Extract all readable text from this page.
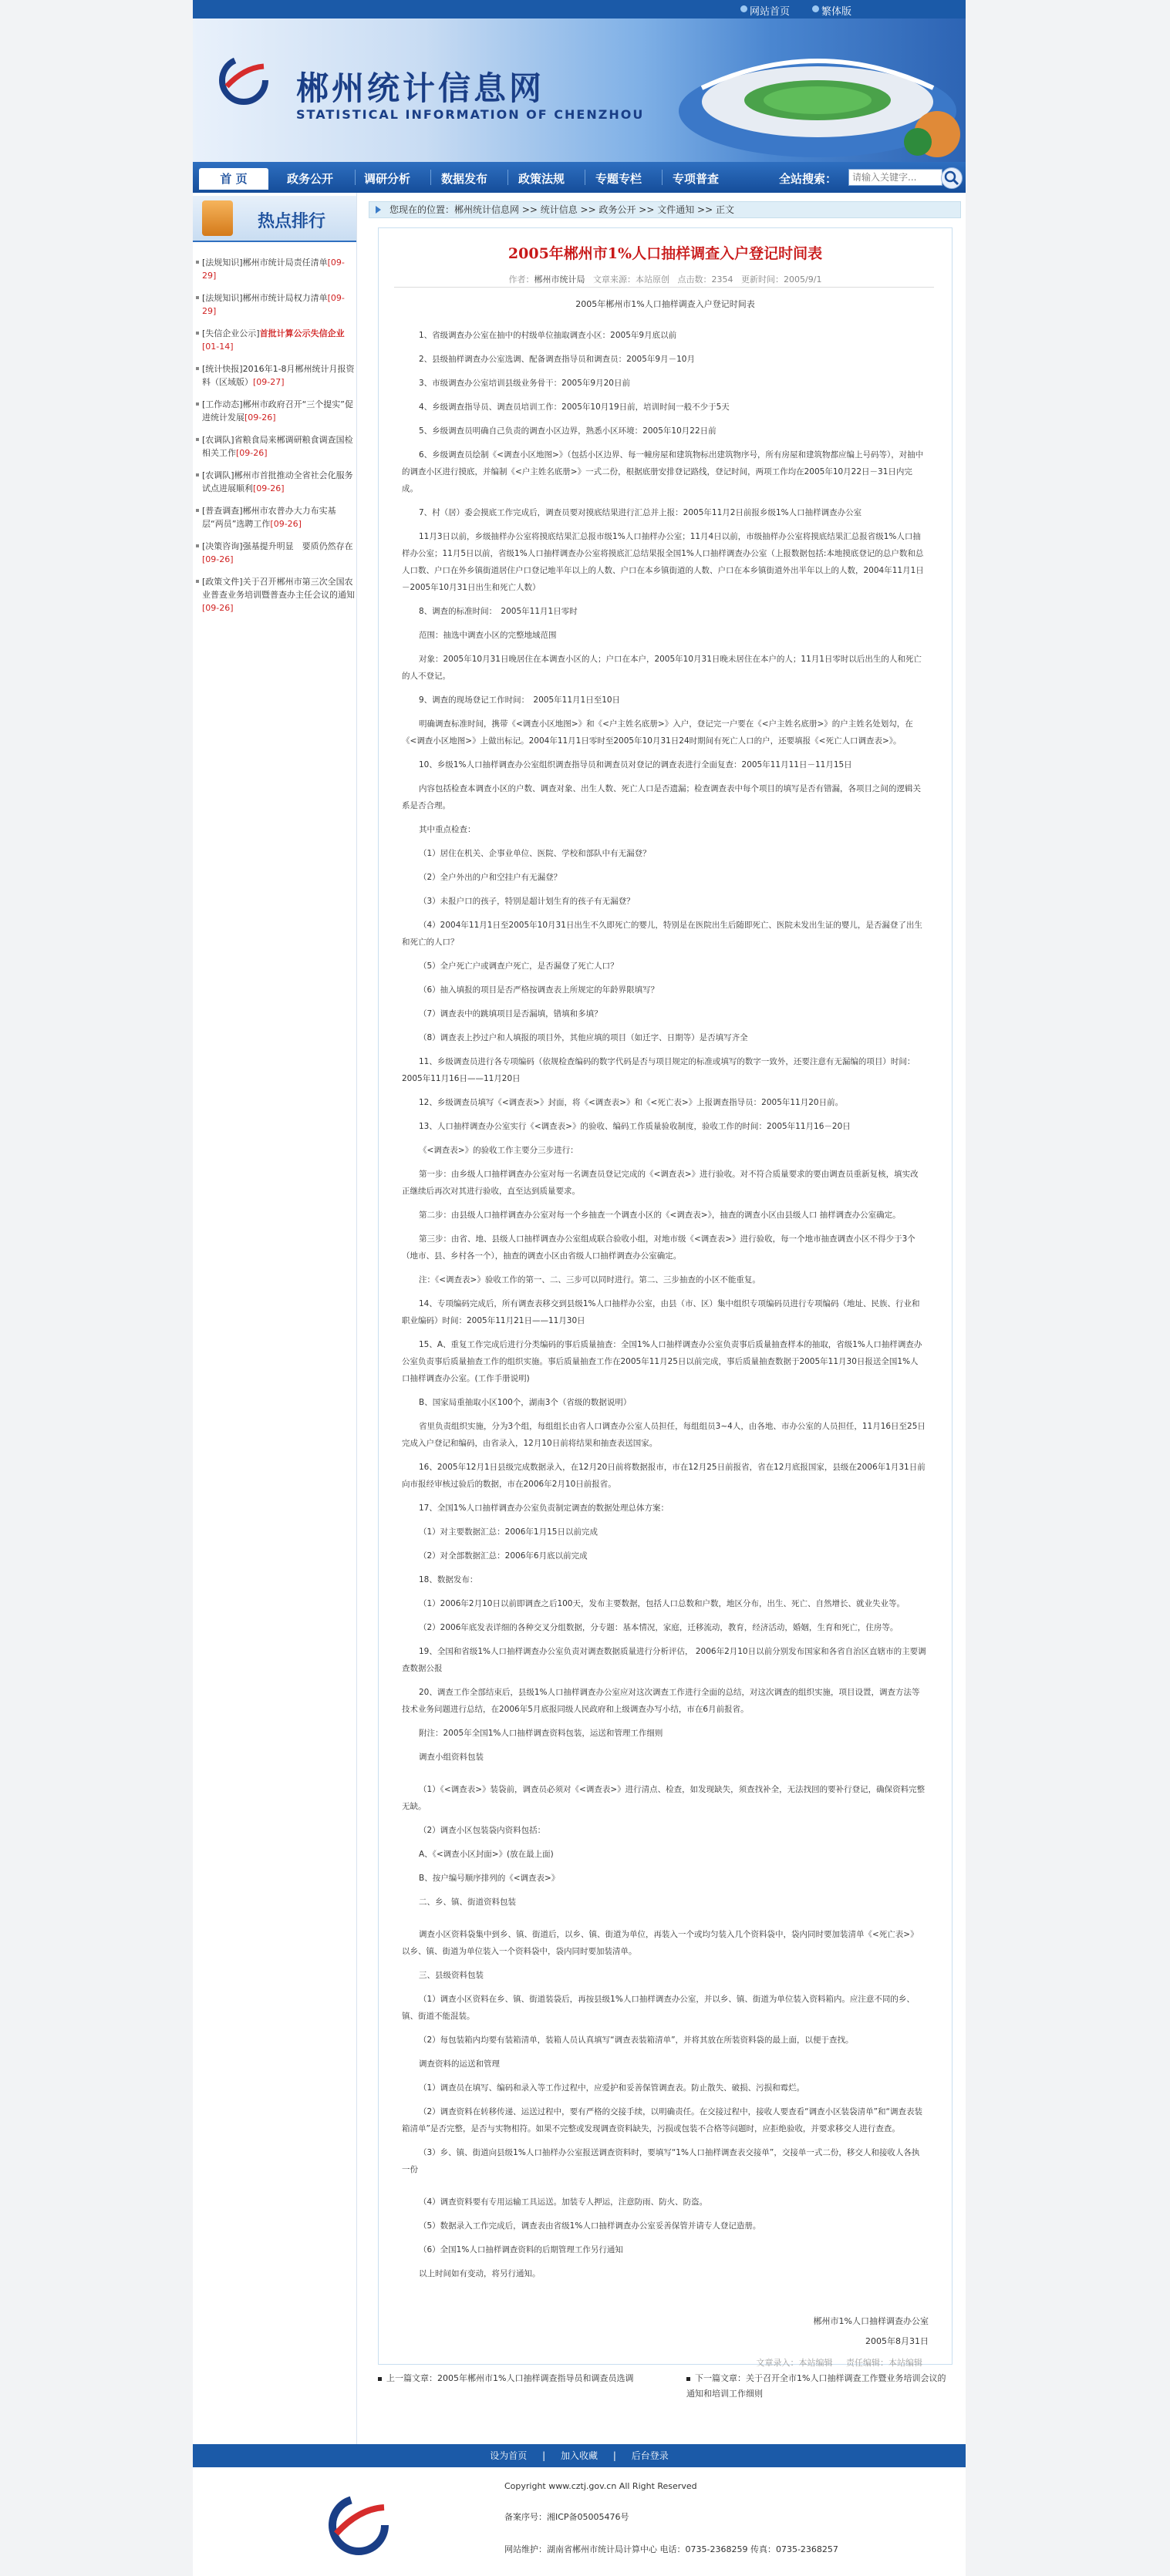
网站首页	繁体版
郴州统计信息网
STATISTICAL INFORMATION OF CHENZHOU
首 页	政务公开	调研分析	数据发布	政策法规	专题专栏	专项普查	全站搜索：
请输入关键字...
热点排行
[法规知识]郴州市统计局责任清单[09-29]
[法规知识]郴州市统计局权力清单[09-29]
[失信企业公示]首批计算公示失信企业[01-14]
[统计快报]2016年1-8月郴州统计月报资料（区域版）[09-27]
[工作动态]郴州市政府召开“三个提实”促进统计发展[09-26]
[农调队]省粮食局来郴调研粮食调查国检相关工作[09-26]
[农调队]郴州市首批推动全省社会化服务试点进展顺利[09-26]
[普查调查]郴州市农普办大力布实基层“两员”选聘工作[09-26]
[决策咨询]强基提升明显　要质仍然存在[09-26]
[政策文件]关于召开郴州市第三次全国农业普查业务培训暨普查办主任会议的通知[09-26]
您现在的位置：郴州统计信息网 >> 统计信息 >> 政务公开 >> 文件通知 >> 正文
2005年郴州市1%人口抽样调查入户登记时间表
作者：郴州市统计局 文章来源：本站原创 点击数：2354 更新时间：2005/9/1
2005年郴州市1%人口抽样调查入户登记时间表

1、省级调查办公室在抽中的村级单位抽取调查小区：2005年9月底以前

2、县级抽样调查办公室选调、配备调查指导员和调查员：2005年9月－10月

3、市级调查办公室培训县级业务骨干：2005年9月20日前

4、乡级调查指导员、调查员培训工作：2005年10月19日前，培训时间一般不少于5天

5、乡级调查员明确自己负责的调查小区边界，熟悉小区环境：2005年10月22日前

6、乡级调查员绘制《<调查小区地图>》（包括小区边界、每一幢房屋和建筑物标出建筑物序号，所有房屋和建筑物都应编上号码等），对抽中的调查小区进行摸底，并编制《<户主姓名底册>》一式二份，根据底册安排登记路线，登记时间，两项工作均在2005年10月22日－31日内完成。

7、村（居）委会摸底工作完成后，调查员要对摸底结果进行汇总并上报：2005年11月2日前报乡级1%人口抽样调查办公室

11月3日以前，乡级抽样办公室将摸底结果汇总报市级1%人口抽样办公室；11月4日以前，市级抽样办公室将摸底结果汇总报省级1%人口抽样办公室；11月5日以前，省级1%人口抽样调查办公室将摸底汇总结果报全国1%人口抽样调查办公室（上报数据包括:本地摸底登记的总户数和总人口数、户口在外乡镇街道居住户口登记地半年以上的人数、户口在本乡镇街道的人数、户口在本乡镇街道外出半年以上的人数，2004年11月1日－2005年10月31日出生和死亡人数）

8、调查的标准时间：　2005年11月1日零时

范围：抽选中调查小区的完整地域范围

对象：2005年10月31日晚居住在本调查小区的人；户口在本户，2005年10月31日晚未居住在本户的人；11月1日零时以后出生的人和死亡的人不登记。

9、调查的现场登记工作时间：　2005年11月1日至10日

明确调查标准时间，携带《<调查小区地图>》和《<户主姓名底册>》入户，登记完一户要在《<户主姓名底册>》的户主姓名处划勾，在《<调查小区地图>》上做出标记。2004年11月1日零时至2005年10月31日24时期间有死亡人口的户，还要填报《<死亡人口调查表>》。

10、乡级1%人口抽样调查办公室组织调查指导员和调查员对登记的调查表进行全面复查：2005年11月11日－11月15日

内容包括检查本调查小区的户数、调查对象、出生人数、死亡人口是否遗漏；检查调查表中每个项目的填写是否有错漏，各项目之间的逻辑关系是否合理。

其中重点检查：

（1）居住在机关、企事业单位、医院、学校和部队中有无漏登？

（2）全户外出的户和空挂户有无漏登？

（3）未报户口的孩子，特别是超计划生育的孩子有无漏登？

（4）2004年11月1日至2005年10月31日出生不久即死亡的婴儿，特别是在医院出生后随即死亡、医院未发出生证的婴儿，是否漏登了出生和死亡的人口？

（5）全户死亡户或调查户死亡，是否漏登了死亡人口？

（6）抽入填报的项目是否严格按调查表上所规定的年龄界限填写？

（7）调查表中的跳填项目是否漏填，错填和多填？

（8）调查表上抄过户和人填报的项目外，其他应填的项目（如迁字、日期等）是否填写齐全

11、乡级调查员进行各专项编码（依规检查编码的数字代码是否与项目规定的标准或填写的数字一致外，还要注意有无漏编的项目）时间：2005年11月16日——11月20日

12、乡级调查员填写《<调查表>》封面，将《<调查表>》和《<死亡表>》上报调查指导员：2005年11月20日前。

13、人口抽样调查办公室实行《<调查表>》的验收、编码工作质量验收制度，验收工作的时间：2005年11月16－20日

《<调查表>》的验收工作主要分三步进行：

第一步：由乡级人口抽样调查办公室对每一名调查员登记完成的《<调查表>》进行验收。对不符合质量要求的要由调查员重新复核，填实改正继续后再次对其进行验收，直至达到质量要求。

第二步：由县级人口抽样调查办公室对每一个乡抽查一个调查小区的《<调查表>》，抽查的调查小区由县级人口 抽样调查办公室确定。

第三步：由省、地、县级人口抽样调查办公室组成联合验收小组，对地市级《<调查表>》进行验收，每一个地市抽查调查小区不得少于3个（地市、县、乡村各一个），抽查的调查小区由省级人口抽样调查办公室确定。

注：《<调查表>》验收工作的第一、二、三步可以同时进行。第二、三步抽查的小区不能重复。

14、专项编码完成后，所有调查表移交到县级1%人口抽样办公室，由县（市、区）集中组织专项编码员进行专项编码（地址、民族、行业和职业编码）时间：2005年11月21日——11月30日

15、A、重复工作完成后进行分类编码的事后质量抽查：全国1%人口抽样调查办公室负责事后质量抽查样本的抽取，省级1%人口抽样调查办公室负责事后质量抽查工作的组织实施。事后质量抽查工作在2005年11月25日以前完成，事后质量抽查数据于2005年11月30日报送全国1%人口抽样调查办公室。(工作手册说明)

B、国家局重抽取小区100个，湖南3个（省级的数据说明）

省里负责组织实施，分为3个组，每组组长由省人口调查办公室人员担任，每组组员3~4人，由各地、市办公室的人员担任，11月16日至25日完成入户登记和编码，由省录入，12月10日前将结果和抽查表送国家。

16、2005年12月1日县级完成数据录入，在12月20日前将数据报市，市在12月25日前报省，省在12月底报国家，县级在2006年1月31日前向市报经审核过验后的数据，市在2006年2月10日前报省。

17、全国1%人口抽样调查办公室负责制定调查的数据处理总体方案：

（1）对主要数据汇总：2006年1月15日以前完成

（2）对全部数据汇总：2006年6月底以前完成

18、数据发布：

（1）2006年2月10日以前即调查之后100天，发布主要数据，包括人口总数和户数，地区分布，出生、死亡、自然增长、就业失业等。

（2）2006年底发表详细的各种交叉分组数据，分专题：基本情况，家庭，迁移流动，教育，经济活动，婚姻，生育和死亡，住房等。

19、全国和省级1%人口抽样调查办公室负责对调查数据质量进行分析评估， 2006年2月10日以前分别发布国家和各省自治区直辖市的主要调查数据公报

20、调查工作全部结束后，县级1%人口抽样调查办公室应对这次调查工作进行全面的总结，对这次调查的组织实施，项目设置，调查方法等技术业务问题进行总结，在2006年5月底报同级人民政府和上级调查办写小结，市在6月前报省。

附注：2005年全国1%人口抽样调查资料包装，运送和管理工作细则

调查小组资料包装

（1）《<调查表>》装袋前，调查员必须对《<调查表>》进行清点、检查，如发现缺失，须查找补全，无法找回的要补行登记，确保资料完整无缺。

（2）调查小区包装袋内资料包括：

A、《<调查小区封面>》(放在最上面)

B、按户编号顺序排列的《<调查表>》

二、乡、镇、街道资料包装

调查小区资料袋集中到乡、镇、街道后，以乡、镇、街道为单位，再装入一个或均匀装入几个资料袋中，袋内同时要加装清单《<死亡表>》以乡、镇、街道为单位装入一个资料袋中，袋内同时要加装清单。

三、县级资料包装

（1）调查小区资料在乡、镇、街道装袋后，再按县级1%人口抽样调查办公室，并以乡、镇、街道为单位装入资料箱内。应注意不同的乡、镇、街道不能混装。

（2）每包装箱内均要有装箱清单，装箱人员认真填写“调查表装箱清单”，并将其放在所装资料袋的最上面，以便于查找。

调查资料的运送和管理

（1）调查员在填写、编码和录入等工作过程中，应爱护和妥善保管调查表。防止散失、破损、污损和霉烂。

（2）调查资料在转移传递、运送过程中，要有严格的交接手续，以明确责任。在交接过程中，接收人要查看“调查小区装袋清单”和“调查表装箱清单”是否完整，是否与实物相符。如果不完整或发现调查资料缺失，污损或包装不合格等问题时，应拒绝验收，并要求移交人进行查查。

（3）乡、镇、街道向县级1%人口抽样办公室报送调查资料时，要填写“1%人口抽样调查表交接单”，交接单一式二份，移交人和接收人各执一份

（4）调查资料要有专用运输工具运送。加装专人押运，注意防雨、防火、防盗。

（5）数据录入工作完成后，调查表由省级1%人口抽样调查办公室妥善保管并请专人登记造册。

（6）全国1%人口抽样调查资料的后期管理工作另行通知

以上时间如有变动，将另行通知。

郴州市1%人口抽样调查办公室
2005年8月31日
文章录入：本站编辑 责任编辑：本站编辑
上一篇文章：2005年郴州市1%人口抽样调查指导员和调查员选调	下一篇文章：关于召开全市1%人口抽样调查工作暨业务培训会议的通知和培训工作细则
设为首页 | 加入收藏 | 后台登录
Copyright www.cztj.gov.cn All Right Reserved
备案序号：湘ICP备05005476号
网站维护：湖南省郴州市统计局计算中心 电话：0735-2368259 传真：0735-2368257
